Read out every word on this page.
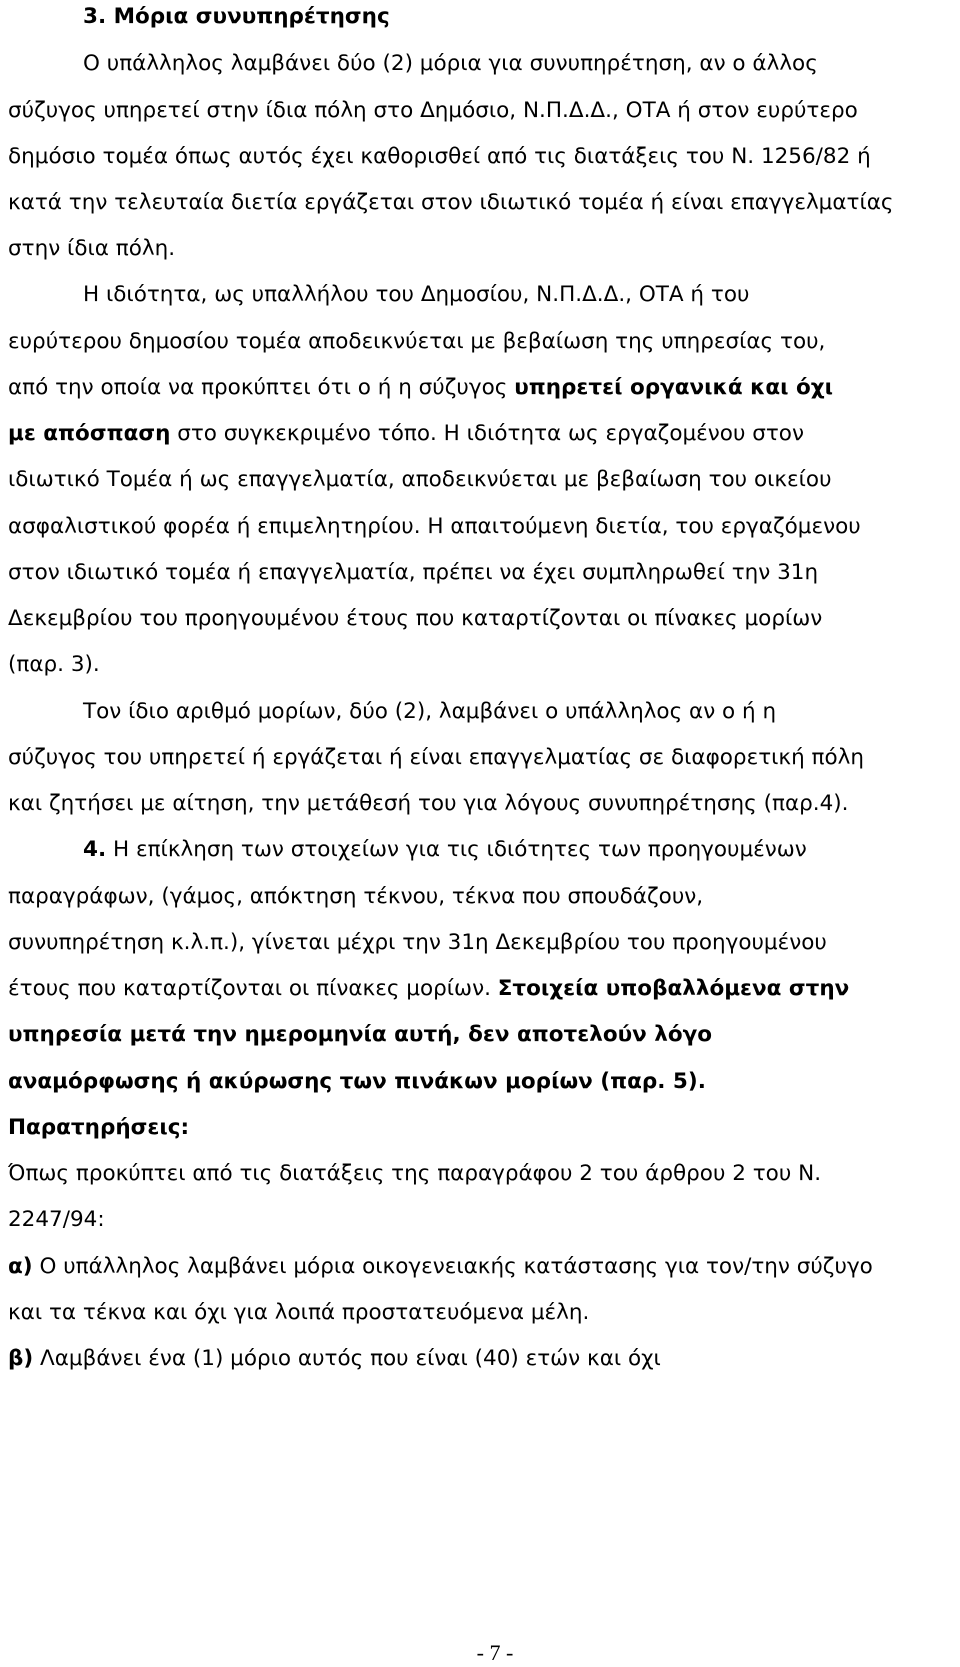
3. Μόρια συνυπηρέτησης
Ο υπάλληλος λαμβάνει δύο (2) μόρια για συνυπηρέτηση, αν ο άλλος
σύζυγος υπηρετεί στην ίδια πόλη στο Δημόσιο, Ν.Π.Δ.Δ., ΟΤΑ ή στον ευρύτερο
δημόσιο τομέα όπως αυτός έχει καθορισθεί από τις διατάξεις του Ν. 1256/82 ή
κατά την τελευταία διετία εργάζεται στον ιδιωτικό τομέα ή είναι επαγγελματίας
στην ίδια πόλη.
Η ιδιότητα, ως υπαλλήλου του Δημοσίου, Ν.Π.Δ.Δ., ΟΤΑ ή του
ευρύτερου δημοσίου τομέα αποδεικνύεται με βεβαίωση της υπηρεσίας του,
από την οποία να προκύπτει ότι ο ή η σύζυγος υπηρετεί οργανικά και όχι
με απόσπαση στο συγκεκριμένο τόπο. Η ιδιότητα ως εργαζομένου στον
ιδιωτικό Τομέα ή ως επαγγελματία, αποδεικνύεται με βεβαίωση του οικείου
ασφαλιστικού φορέα ή επιμελητηρίου. Η απαιτούμενη διετία, του εργαζόμενου
στον ιδιωτικό τομέα ή επαγγελματία, πρέπει να έχει συμπληρωθεί την 31η
Δεκεμβρίου του προηγουμένου έτους που καταρτίζονται οι πίνακες μορίων
(παρ. 3).
Τον ίδιο αριθμό μορίων, δύο (2), λαμβάνει ο υπάλληλος αν ο ή η
σύζυγος του υπηρετεί ή εργάζεται ή είναι επαγγελματίας σε διαφορετική πόλη
και ζητήσει με αίτηση, την μετάθεσή του για λόγους συνυπηρέτησης (παρ.4).
4. Η επίκληση των στοιχείων για τις ιδιότητες των προηγουμένων
παραγράφων, (γάμος, απόκτηση τέκνου, τέκνα που σπουδάζουν,
συνυπηρέτηση κ.λ.π.), γίνεται μέχρι την 31η Δεκεμβρίου του προηγουμένου
έτους που καταρτίζονται οι πίνακες μορίων. Στοιχεία υποβαλλόμενα στην
υπηρεσία μετά την ημερομηνία αυτή, δεν αποτελούν λόγο
αναμόρφωσης ή ακύρωσης των πινάκων μορίων (παρ. 5).
Παρατηρήσεις:
Όπως προκύπτει από τις διατάξεις της παραγράφου 2 του άρθρου 2 του Ν.
2247/94:
α) Ο υπάλληλος λαμβάνει μόρια οικογενειακής κατάστασης για τον/την σύζυγο
και τα τέκνα και όχι για λοιπά προστατευόμενα μέλη.
β) Λαμβάνει ένα (1) μόριο αυτός που είναι (40) ετών και όχι
- 7 -
